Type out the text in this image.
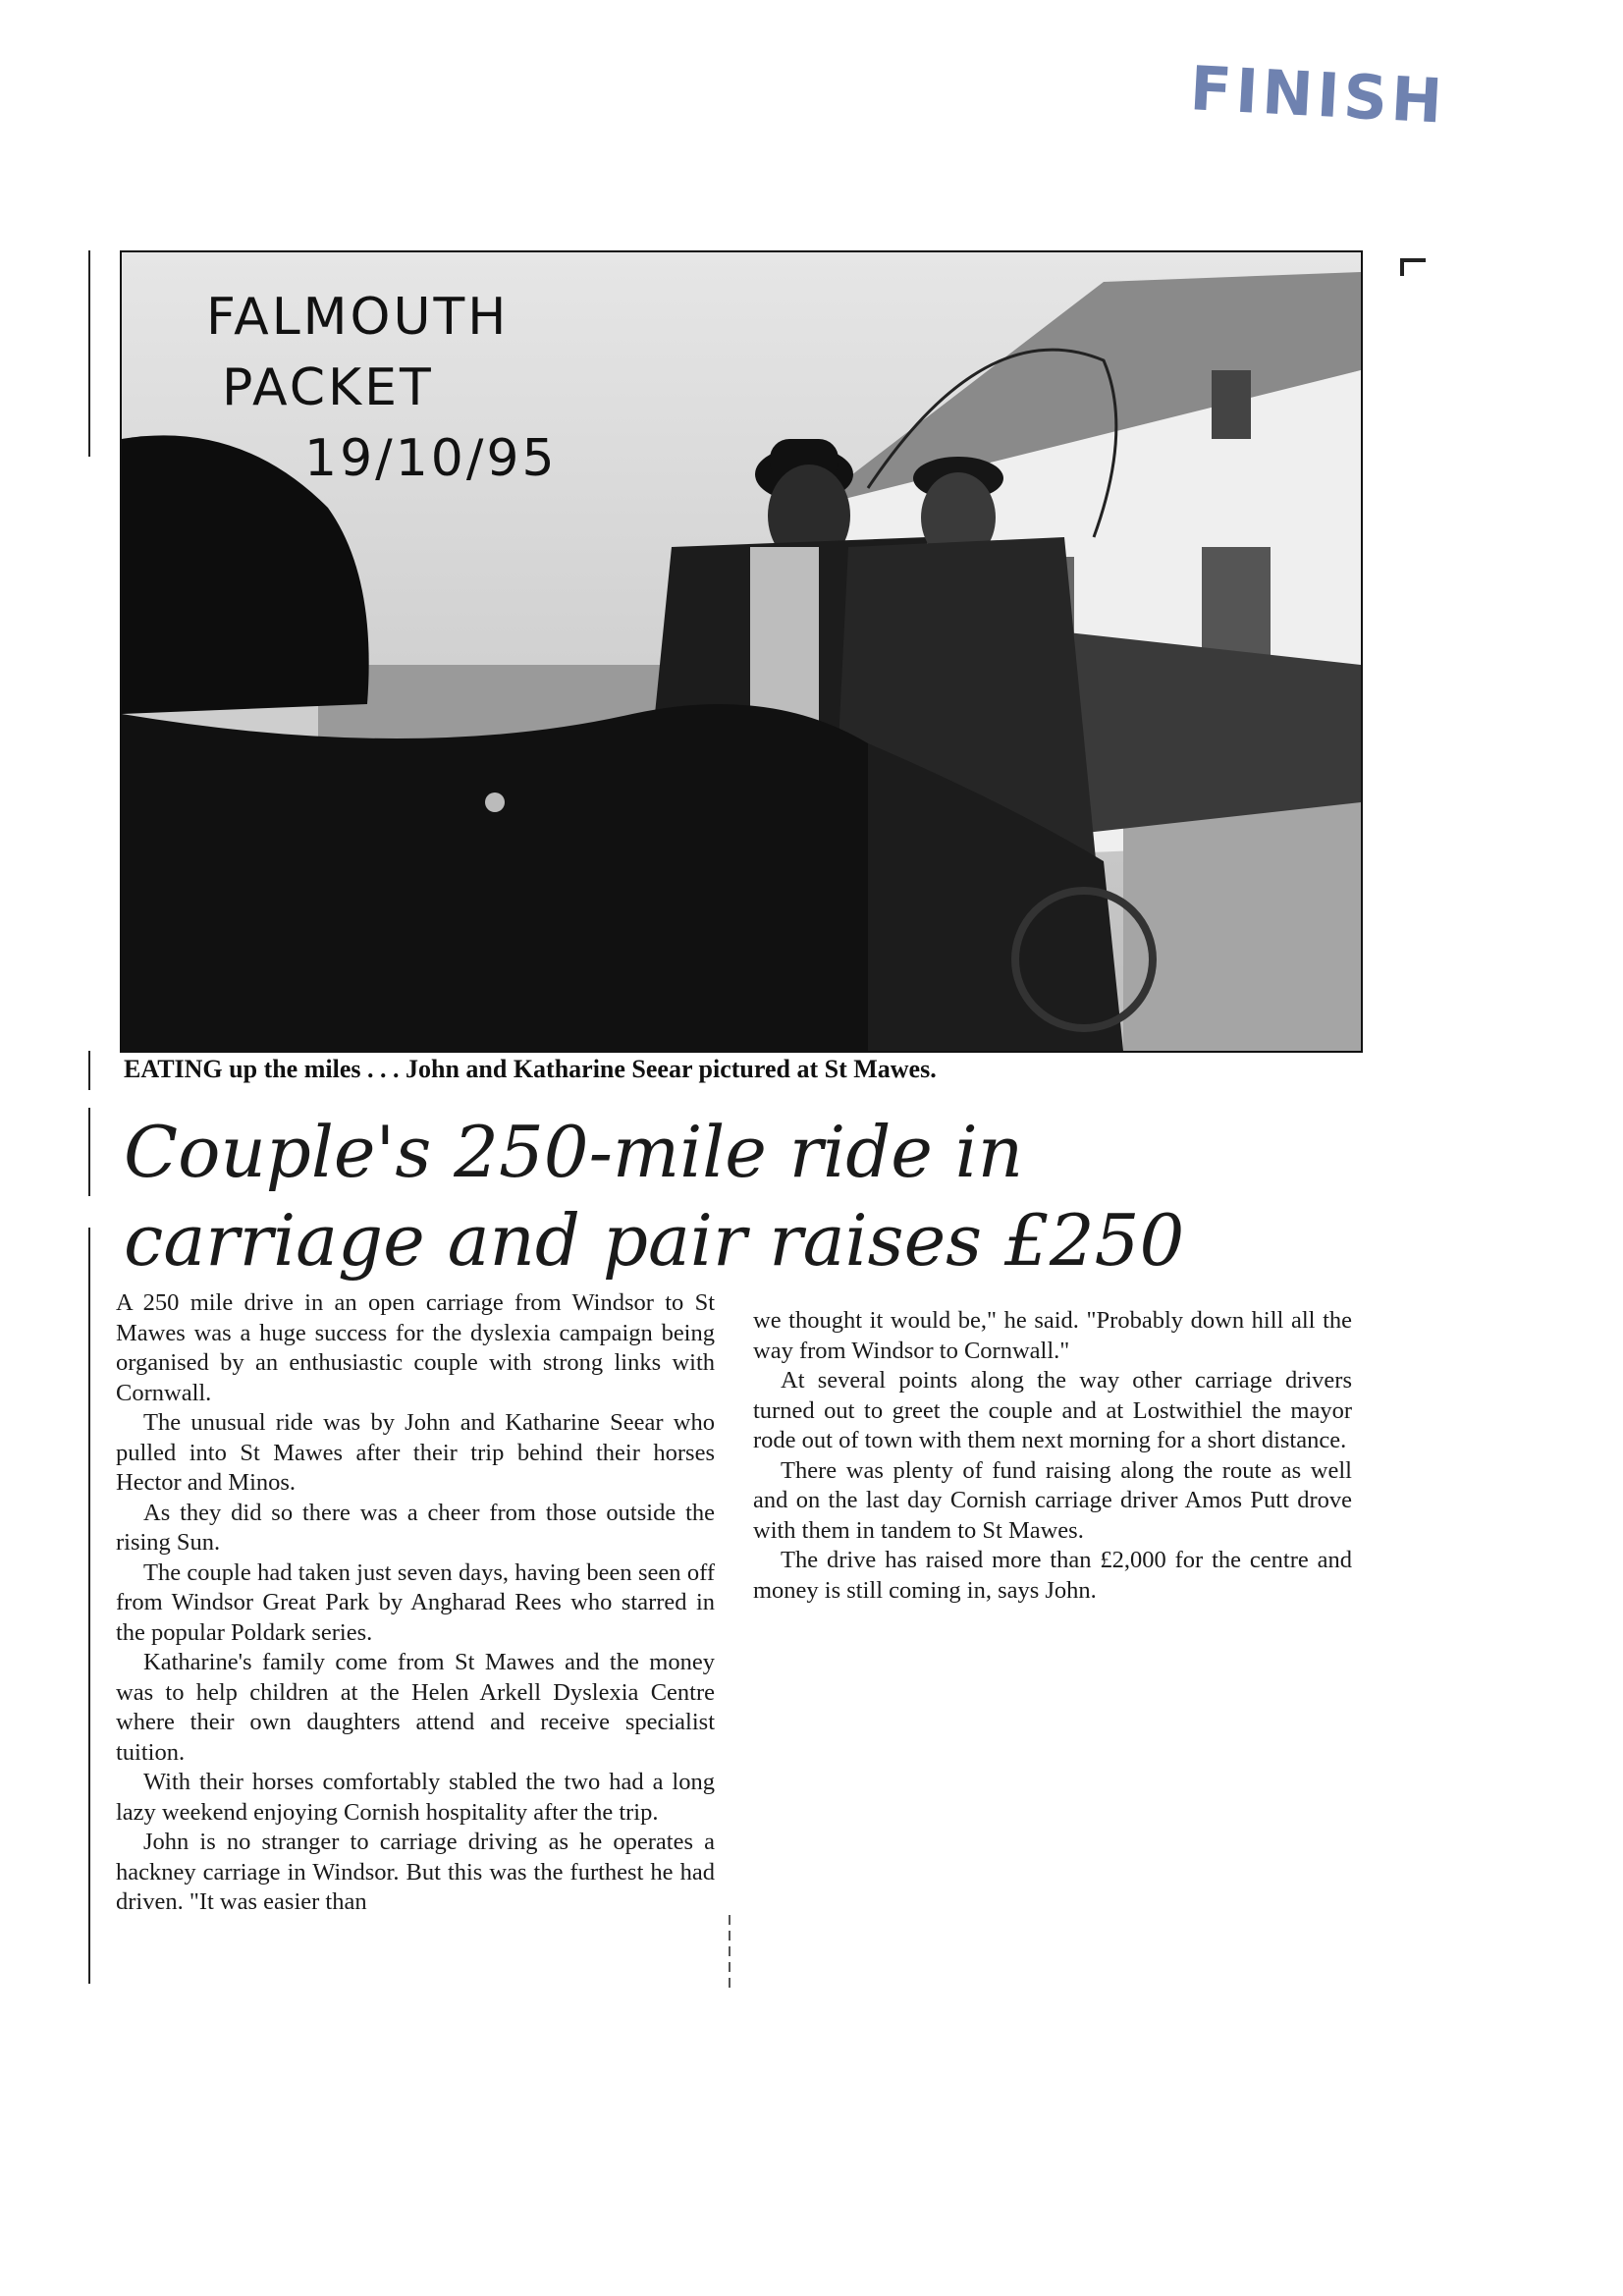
FINISH
FALMOUTH
PACKET
19/10/95
EATING up the miles . . . John and Katharine Seear pictured at St Mawes.
Couple's 250-mile ride in
carriage and pair raises £250

A 250 mile drive in an open carriage from Windsor to St Mawes was a huge success for the dyslexia campaign being organised by an enthusiastic couple with strong links with Cornwall.

The unusual ride was by John and Katharine Seear who pulled into St Mawes after their trip behind their horses Hector and Minos.

As they did so there was a cheer from those outside the rising Sun.

The couple had taken just seven days, having been seen off from Windsor Great Park by Angharad Rees who starred in the popular Poldark series.

Katharine's family come from St Mawes and the money was to help children at the Helen Arkell Dyslexia Centre where their own daughters attend and receive specialist tuition.

With their horses comfortably stabled the two had a long lazy weekend enjoying Cornish hospitality after the trip.

John is no stranger to carriage driving as he operates a hackney carriage in Windsor. But this was the furthest he had driven. "It was easier than

we thought it would be," he said. "Probably down hill all the way from Windsor to Cornwall."

At several points along the way other carriage drivers turned out to greet the couple and at Lostwithiel the mayor rode out of town with them next morning for a short distance.

There was plenty of fund raising along the route as well and on the last day Cornish carriage driver Amos Putt drove with them in tandem to St Mawes.

The drive has raised more than £2,000 for the centre and money is still coming in, says John.
